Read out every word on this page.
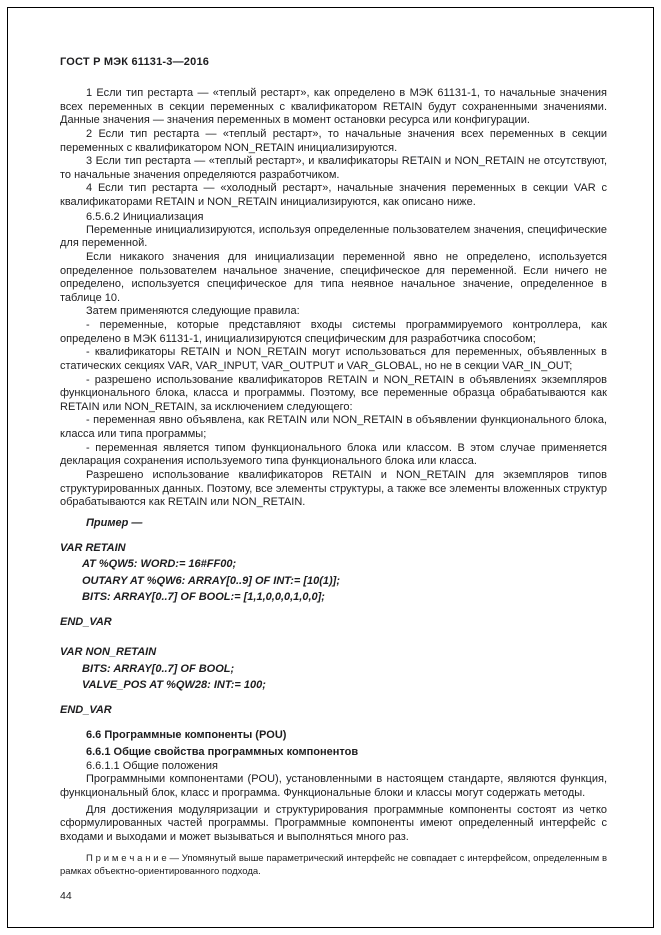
ГОСТ Р МЭК 61131-3—2016

1 Если тип рестарта — «теплый рестарт», как определено в МЭК 61131-1, то начальные значения всех переменных в секции переменных с квалификатором RETAIN будут сохраненными значениями. Данные значения — значения переменных в момент остановки ресурса или конфигурации.

2 Если тип рестарта — «теплый рестарт», то начальные значения всех переменных в секции переменных с квалификатором NON_RETAIN инициализируются.

3 Если тип рестарта — «теплый рестарт», и квалификаторы RETAIN и NON_RETAIN не отсутствуют, то начальные значения определяются разработчиком.

4 Если тип рестарта — «холодный рестарт», начальные значения переменных в секции VAR с квалификаторами RETAIN и NON_RETAIN инициализируются, как описано ниже.

6.5.6.2 Инициализация

Переменные инициализируются, используя определенные пользователем значения, специфические для переменной.

Если никакого значения для инициализации переменной явно не определено, используется определенное пользователем начальное значение, специфическое для переменной. Если ничего не определено, используется специфическое для типа неявное начальное значение, определенное в таблице 10.

Затем применяются следующие правила:

- переменные, которые представляют входы системы программируемого контроллера, как определено в МЭК 61131-1, инициализируются специфическим для разработчика способом;

- квалификаторы RETAIN и NON_RETAIN могут использоваться для переменных, объявленных в статических секциях VAR, VAR_INPUT, VAR_OUTPUT и VAR_GLOBAL, но не в секции VAR_IN_OUT;

- разрешено использование квалификаторов RETAIN и NON_RETAIN в объявлениях экземпляров функционального блока, класса и программы. Поэтому, все переменные образца обрабатываются как RETAIN или NON_RETAIN, за исключением следующего:

- переменная явно объявлена, как RETAIN или NON_RETAIN в объявлении функционального блока, класса или типа программы;

- переменная является типом функционального блока или классом. В этом случае применяется декларация сохранения используемого типа функционального блока или класса.

Разрешено использование квалификаторов RETAIN и NON_RETAIN для экземпляров типов структурированных данных. Поэтому, все элементы структуры, а также все элементы вложенных структур обрабатываются как RETAIN или NON_RETAIN.

Пример —

VAR RETAIN
AT %QW5: WORD:= 16#FF00;
OUTARY AT %QW6: ARRAY[0..9] OF INT:= [10(1)];
BITS: ARRAY[0..7] OF BOOL:= [1,1,0,0,0,1,0,0];
END_VAR
VAR NON_RETAIN
BITS: ARRAY[0..7] OF BOOL;
VALVE_POS AT %QW28: INT:= 100;
END_VAR

6.6 Программные компоненты (POU)

6.6.1 Общие свойства программных компонентов

6.6.1.1 Общие положения

Программными компонентами (POU), установленными в настоящем стандарте, являются функция, функциональный блок, класс и программа. Функциональные блоки и классы могут содержать методы.

Для достижения модуляризации и структурирования программные компоненты состоят из четко сформулированных частей программы. Программные компоненты имеют определенный интерфейс с входами и выходами и может вызываться и выполняться много раз.

П р и м е ч а н и е — Упомянутый выше параметрический интерфейс не совпадает с интерфейсом, определенным в рамках объектно-ориентированного подхода.

44
